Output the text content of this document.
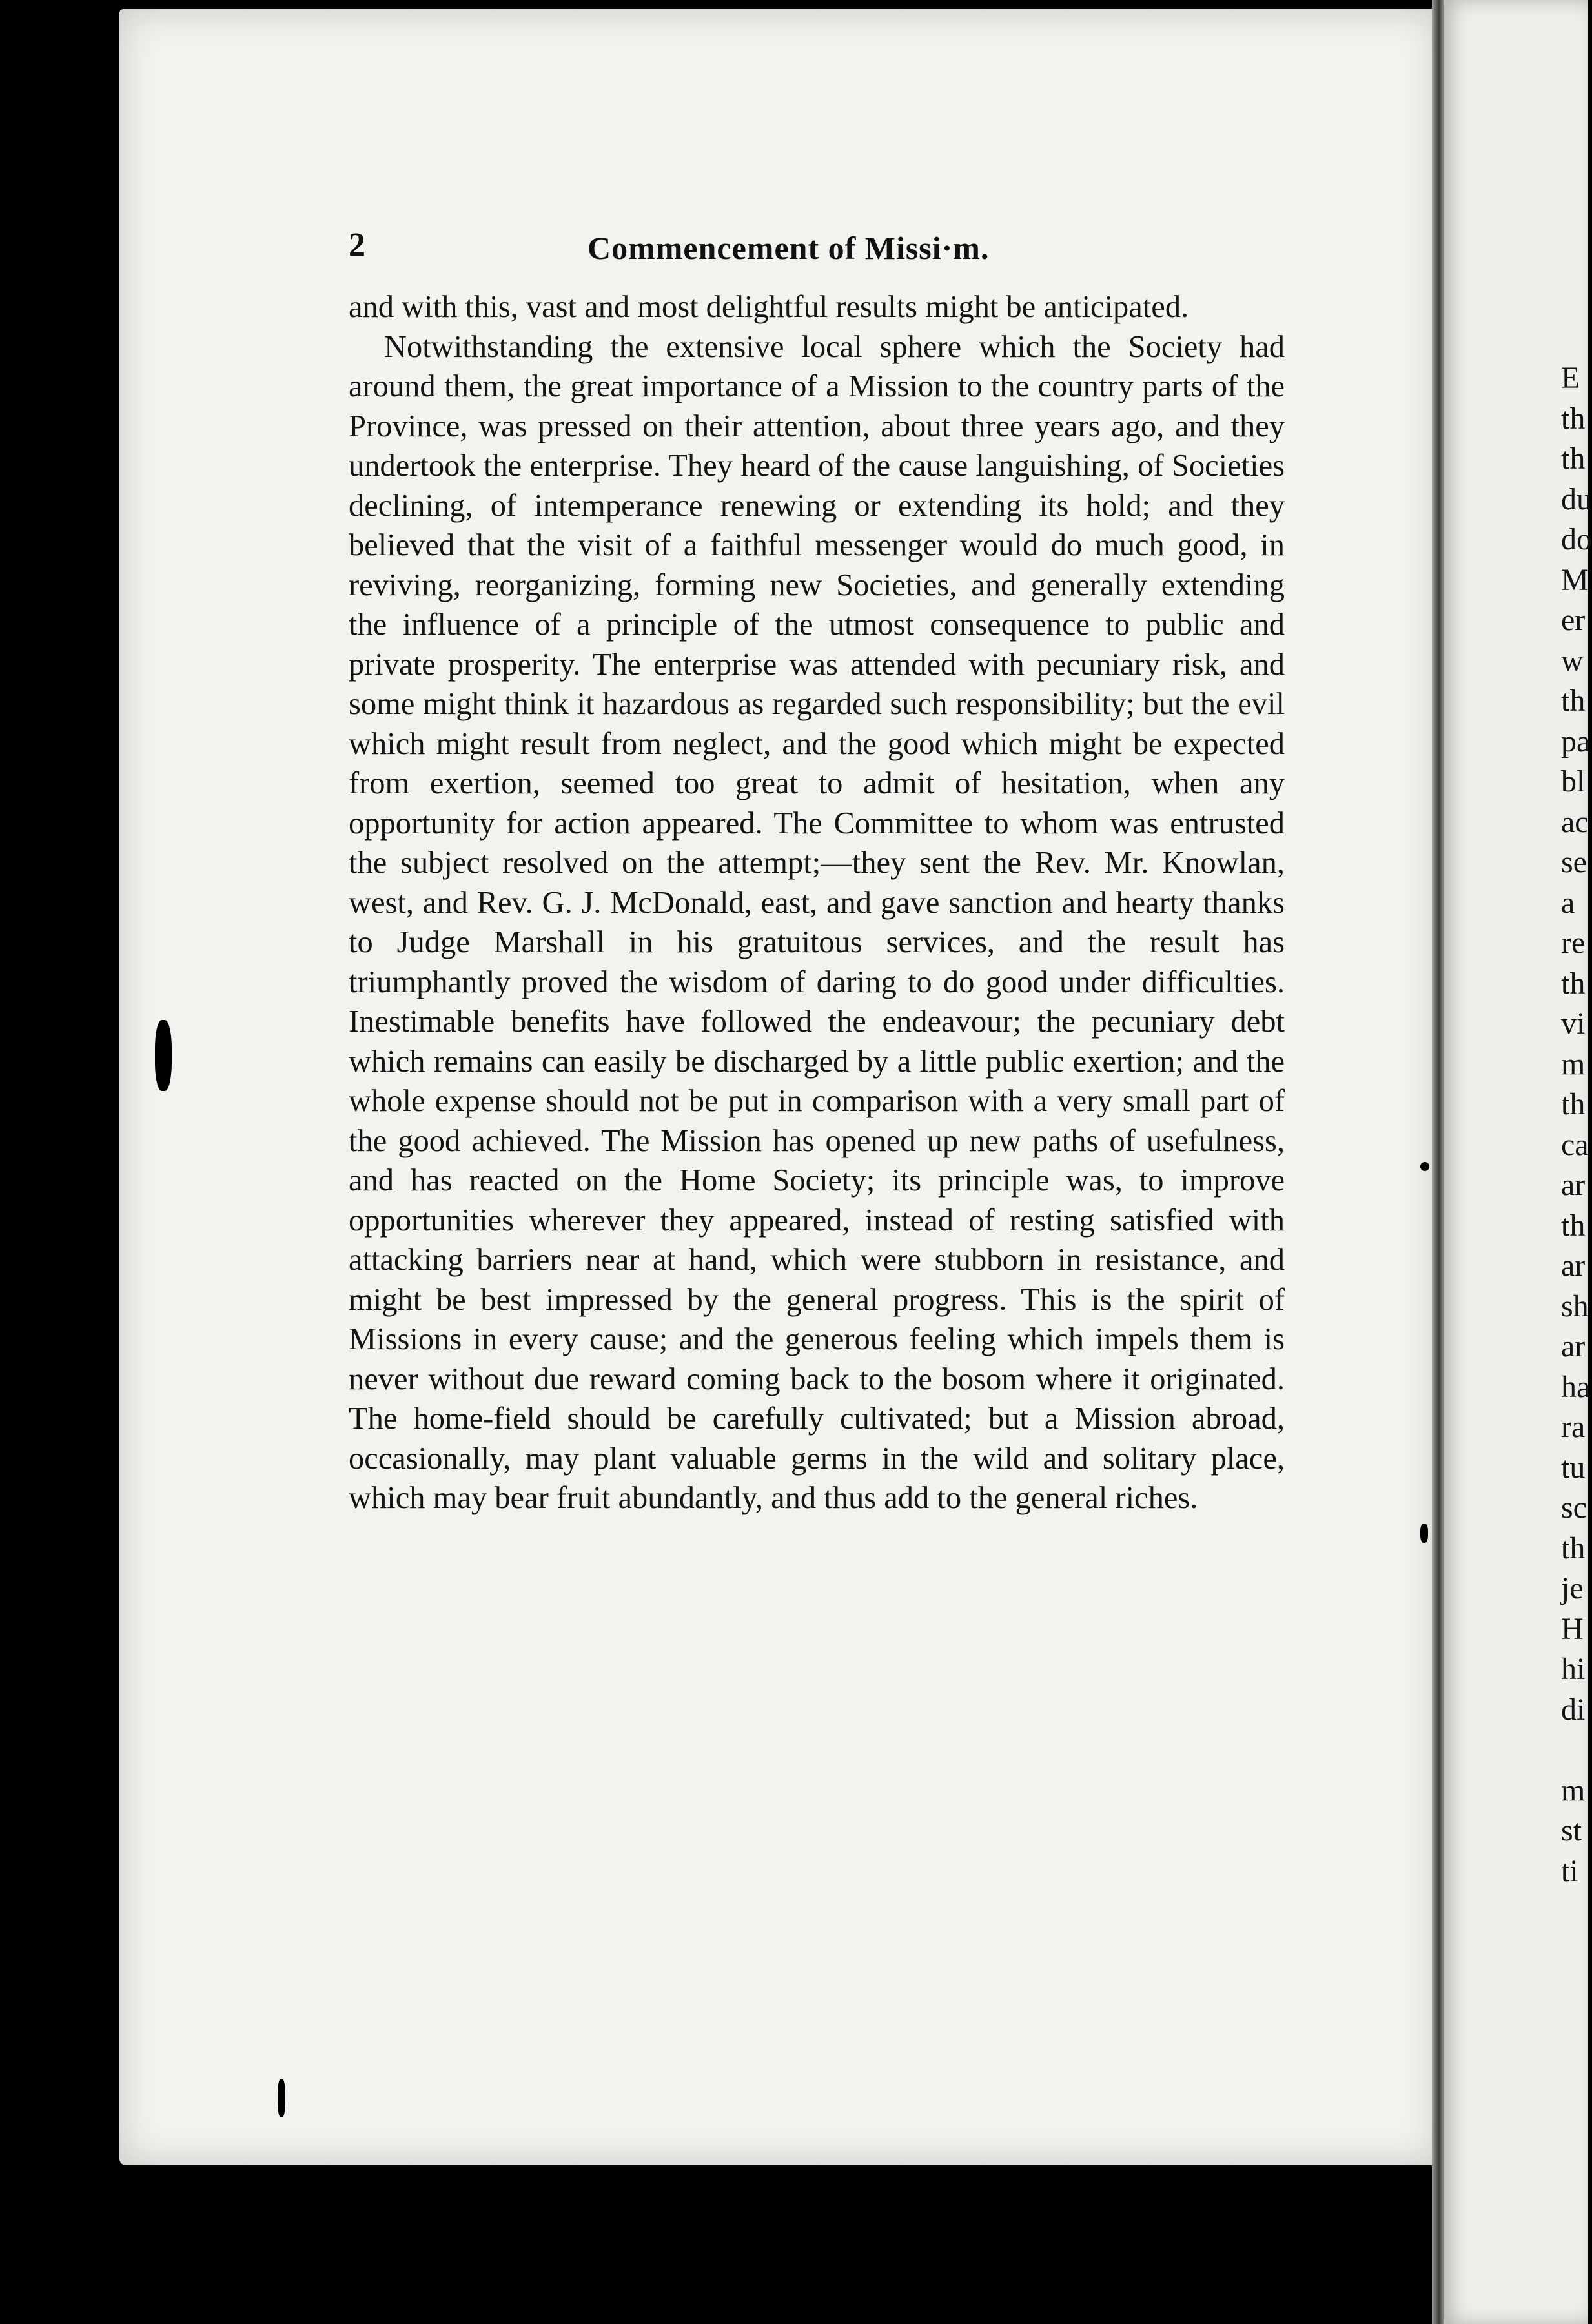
2	Commencement of Missi·m.

and with this, vast and most delightful results might be anticipated.

Notwithstanding the extensive local sphere which the Society had around them, the great importance of a Mission to the country parts of the Province, was pressed on their attention, about three years ago, and they undertook the enterprise. They heard of the cause languishing, of Societies declining, of intemperance renewing or extending its hold; and they believed that the visit of a faithful messenger would do much good, in reviving, reorganizing, forming new Societies, and generally extending the influence of a principle of the utmost consequence to public and private prosperity. The enterprise was attended with pecuniary risk, and some might think it hazardous as regarded such responsibility; but the evil which might result from neglect, and the good which might be expected from exertion, seemed too great to admit of hesitation, when any opportunity for action appeared. The Committee to whom was entrusted the subject resolved on the attempt;—they sent the Rev. Mr. Knowlan, west, and Rev. G. J. McDonald, east, and gave sanction and hearty thanks to Judge Marshall in his gratuitous services, and the result has triumphantly proved the wisdom of daring to do good under difficulties. Inestimable benefits have followed the endeavour; the pecuniary debt which remains can easily be discharged by a little public exertion; and the whole expense should not be put in comparison with a very small part of the good achieved. The Mission has opened up new paths of usefulness, and has reacted on the Home Society; its principle was, to improve opportunities wherever they appeared, instead of resting satisfied with attacking barriers near at hand, which were stubborn in resistance, and might be best impressed by the general progress. This is the spirit of Missions in every cause; and the generous feeling which impels them is never without due reward coming back to the bosom where it originated. The home-field should be carefully cultivated; but a Mission abroad, occasionally, may plant valuable germs in the wild and solitary place, which may bear fruit abundantly, and thus add to the general riches.

E
th
th
du
do
M
er
w
th
pa
bl
ac
se
a
re
th
vi
m
th
ca
ar
th
ar
sh
ar
ha
ra
tu
sc
th
je
H
hi
di
m
st
ti
